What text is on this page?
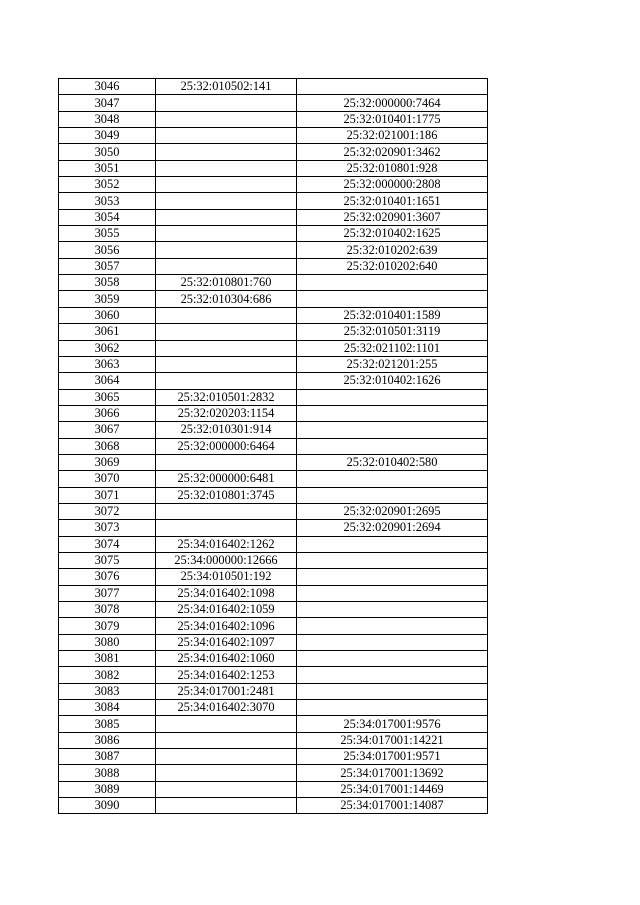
3046	25:32:010502:141	
3047		25:32:000000:7464
3048		25:32:010401:1775
3049		25:32:021001:186
3050		25:32:020901:3462
3051		25:32:010801:928
3052		25:32:000000:2808
3053		25:32:010401:1651
3054		25:32:020901:3607
3055		25:32:010402:1625
3056		25:32:010202:639
3057		25:32:010202:640
3058	25:32:010801:760	
3059	25:32:010304:686	
3060		25:32:010401:1589
3061		25:32:010501:3119
3062		25:32:021102:1101
3063		25:32:021201:255
3064		25:32:010402:1626
3065	25:32:010501:2832	
3066	25:32:020203:1154	
3067	25:32:010301:914	
3068	25:32:000000:6464	
3069		25:32:010402:580
3070	25:32:000000:6481	
3071	25:32:010801:3745	
3072		25:32:020901:2695
3073		25:32:020901:2694
3074	25:34:016402:1262	
3075	25:34:000000:12666	
3076	25:34:010501:192	
3077	25:34:016402:1098	
3078	25:34:016402:1059	
3079	25:34:016402:1096	
3080	25:34:016402:1097	
3081	25:34:016402:1060	
3082	25:34:016402:1253	
3083	25:34:017001:2481	
3084	25:34:016402:3070	
3085		25:34:017001:9576
3086		25:34:017001:14221
3087		25:34:017001:9571
3088		25:34:017001:13692
3089		25:34:017001:14469
3090		25:34:017001:14087
